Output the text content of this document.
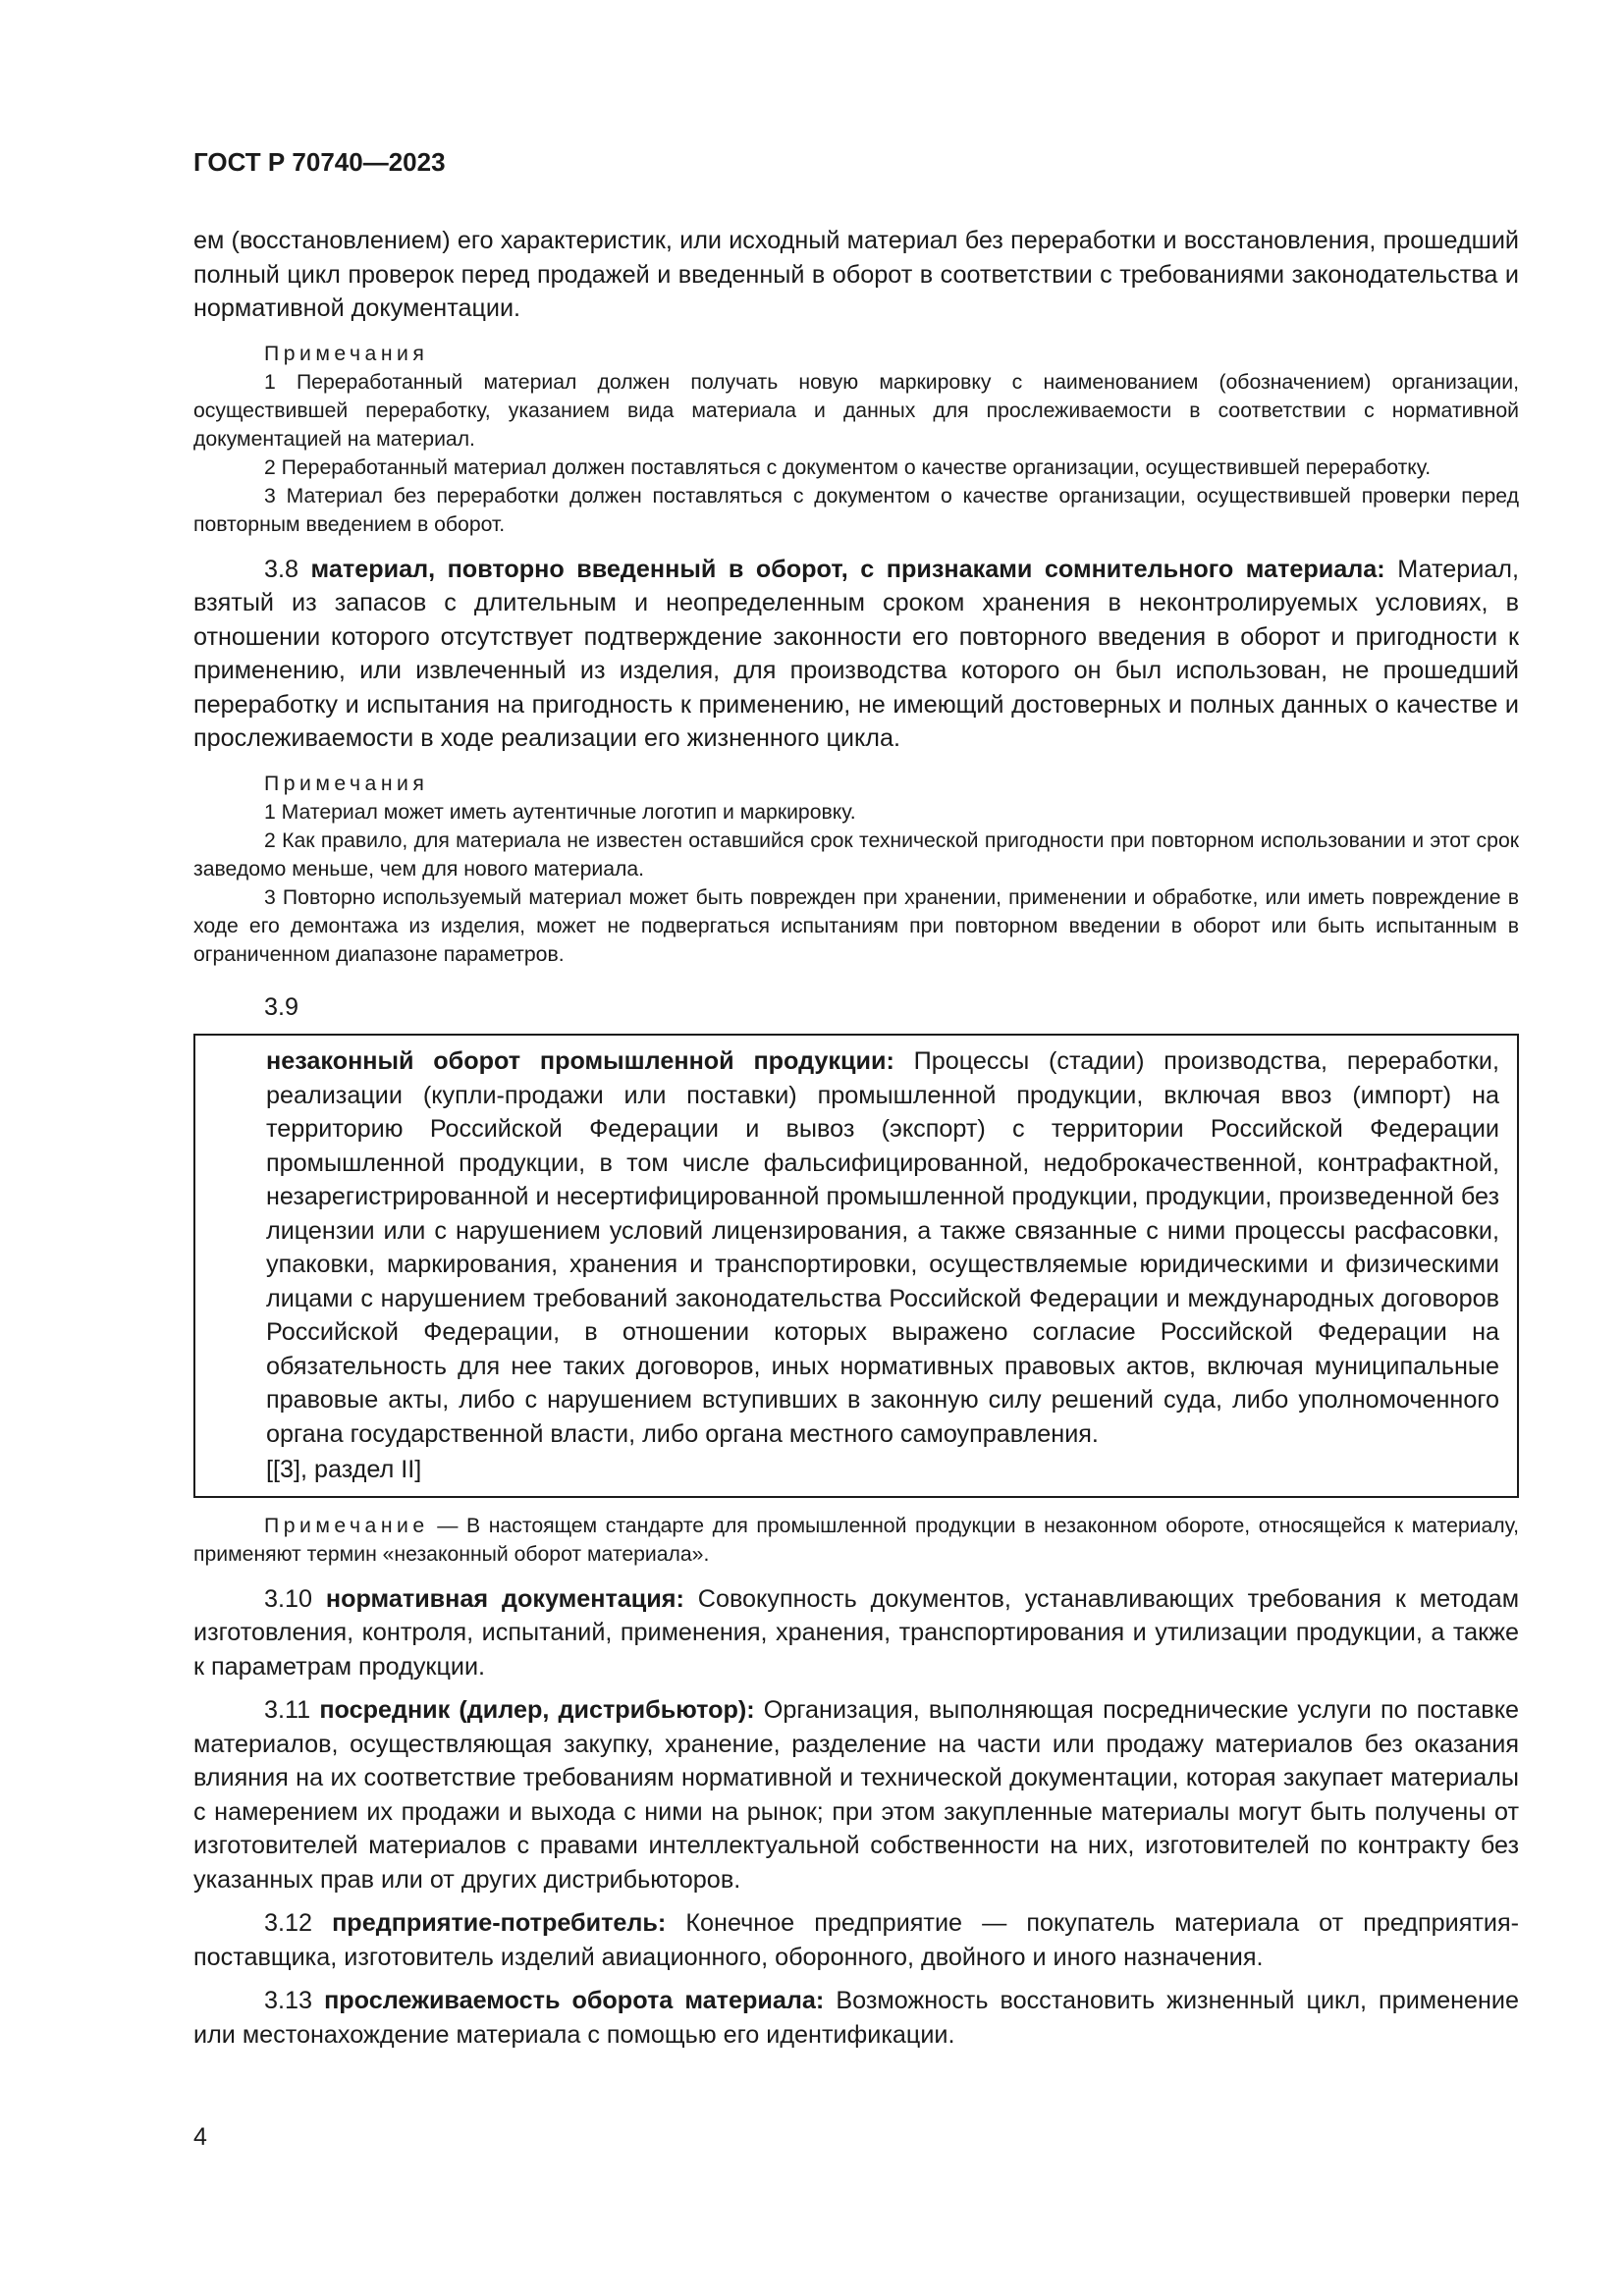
ГОСТ Р 70740—2023

ем (восстановлением) его характеристик, или исходный материал без переработки и восстановления, прошедший полный цикл проверок перед продажей и введенный в оборот в соответствии с требованиями законодательства и нормативной документации.

Примечания

1 Переработанный материал должен получать новую маркировку с наименованием (обозначением) организации, осуществившей переработку, указанием вида материала и данных для прослеживаемости в соответствии с нормативной документацией на материал.

2 Переработанный материал должен поставляться с документом о качестве организации, осуществившей переработку.

3 Материал без переработки должен поставляться с документом о качестве организации, осуществившей проверки перед повторным введением в оборот.

3.8 материал, повторно введенный в оборот, с признаками сомнительного материала: Материал, взятый из запасов с длительным и неопределенным сроком хранения в неконтролируемых условиях, в отношении которого отсутствует подтверждение законности его повторного введения в оборот и пригодности к применению, или извлеченный из изделия, для производства которого он был использован, не прошедший переработку и испытания на пригодность к применению, не имеющий достоверных и полных данных о качестве и прослеживаемости в ходе реализации его жизненного цикла.

Примечания

1 Материал может иметь аутентичные логотип и маркировку.

2 Как правило, для материала не известен оставшийся срок технической пригодности при повторном использовании и этот срок заведомо меньше, чем для нового материала.

3 Повторно используемый материал может быть поврежден при хранении, применении и обработке, или иметь повреждение в ходе его демонтажа из изделия, может не подвергаться испытаниям при повторном введении в оборот или быть испытанным в ограниченном диапазоне параметров.

3.9

незаконный оборот промышленной продукции: Процессы (стадии) производства, переработки, реализации (купли-продажи или поставки) промышленной продукции, включая ввоз (импорт) на территорию Российской Федерации и вывоз (экспорт) с территории Российской Федерации промышленной продукции, в том числе фальсифицированной, недоброкачественной, контрафактной, незарегистрированной и несертифицированной промышленной продукции, продукции, произведенной без лицензии или с нарушением условий лицензирования, а также связанные с ними процессы расфасовки, упаковки, маркирования, хранения и транспортировки, осуществляемые юридическими и физическими лицами с нарушением требований законодательства Российской Федерации и международных договоров Российской Федерации, в отношении которых выражено согласие Российской Федерации на обязательность для нее таких договоров, иных нормативных правовых актов, включая муниципальные правовые акты, либо с нарушением вступивших в законную силу решений суда, либо уполномоченного органа государственной власти, либо органа местного самоуправления.

[[3], раздел II]

Примечание — В настоящем стандарте для промышленной продукции в незаконном обороте, относящейся к материалу, применяют термин «незаконный оборот материала».

3.10 нормативная документация: Совокупность документов, устанавливающих требования к методам изготовления, контроля, испытаний, применения, хранения, транспортирования и утилизации продукции, а также к параметрам продукции.

3.11 посредник (дилер, дистрибьютор): Организация, выполняющая посреднические услуги по поставке материалов, осуществляющая закупку, хранение, разделение на части или продажу материалов без оказания влияния на их соответствие требованиям нормативной и технической документации, которая закупает материалы с намерением их продажи и выхода с ними на рынок; при этом закупленные материалы могут быть получены от изготовителей материалов с правами интеллектуальной собственности на них, изготовителей по контракту без указанных прав или от других дистрибьюторов.

3.12 предприятие-потребитель: Конечное предприятие — покупатель материала от предприятия-поставщика, изготовитель изделий авиационного, оборонного, двойного и иного назначения.

3.13 прослеживаемость оборота материала: Возможность восстановить жизненный цикл, применение или местонахождение материала с помощью его идентификации.

4
